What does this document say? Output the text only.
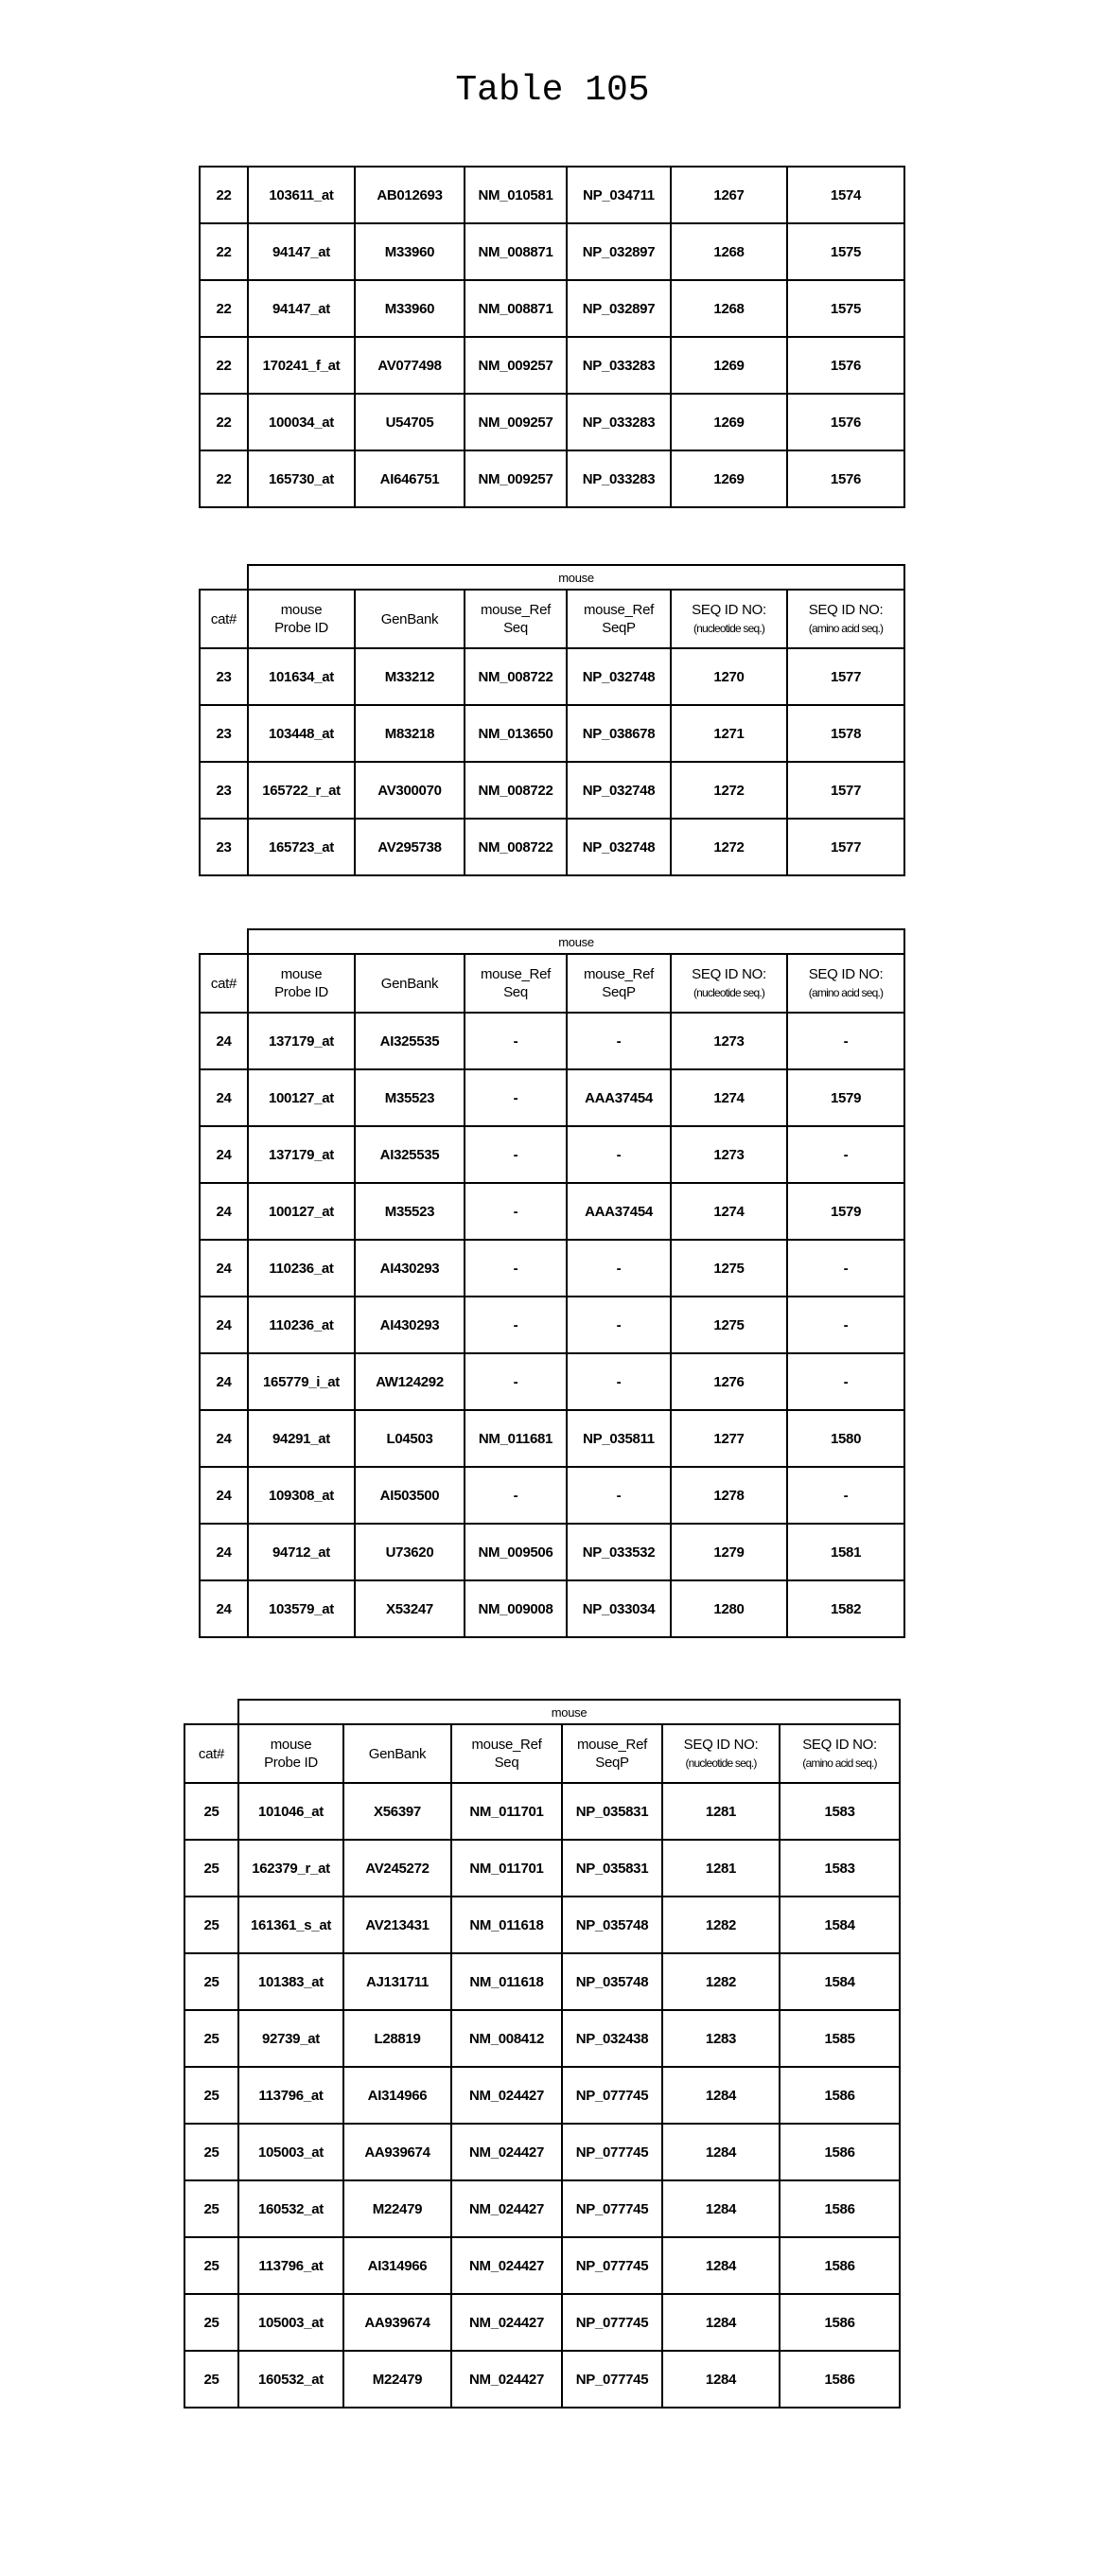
Table 105
22	103611_at	AB012693	NM_010581	NP_034711	1267	1574
22	94147_at	M33960	NM_008871	NP_032897	1268	1575
22	94147_at	M33960	NM_008871	NP_032897	1268	1575
22	170241_f_at	AV077498	NM_009257	NP_033283	1269	1576
22	100034_at	U54705	NM_009257	NP_033283	1269	1576
22	165730_at	AI646751	NM_009257	NP_033283	1269	1576
	mouse
cat#	mouse
Probe ID	GenBank	mouse_Ref
Seq	mouse_Ref
SeqP	SEQ ID NO:
(nucleotide seq.)	SEQ ID NO:
(amino acid seq.)
23	101634_at	M33212	NM_008722	NP_032748	1270	1577
23	103448_at	M83218	NM_013650	NP_038678	1271	1578
23	165722_r_at	AV300070	NM_008722	NP_032748	1272	1577
23	165723_at	AV295738	NM_008722	NP_032748	1272	1577
	mouse
cat#	mouse
Probe ID	GenBank	mouse_Ref
Seq	mouse_Ref
SeqP	SEQ ID NO:
(nucleotide seq.)	SEQ ID NO:
(amino acid seq.)
24	137179_at	AI325535	-	-	1273	-
24	100127_at	M35523	-	AAA37454	1274	1579
24	137179_at	AI325535	-	-	1273	-
24	100127_at	M35523	-	AAA37454	1274	1579
24	110236_at	AI430293	-	-	1275	-
24	110236_at	AI430293	-	-	1275	-
24	165779_i_at	AW124292	-	-	1276	-
24	94291_at	L04503	NM_011681	NP_035811	1277	1580
24	109308_at	AI503500	-	-	1278	-
24	94712_at	U73620	NM_009506	NP_033532	1279	1581
24	103579_at	X53247	NM_009008	NP_033034	1280	1582
	mouse
cat#	mouse
Probe ID	GenBank	mouse_Ref
Seq	mouse_Ref
SeqP	SEQ ID NO:
(nucleotide seq.)	SEQ ID NO:
(amino acid seq.)
25	101046_at	X56397	NM_011701	NP_035831	1281	1583
25	162379_r_at	AV245272	NM_011701	NP_035831	1281	1583
25	161361_s_at	AV213431	NM_011618	NP_035748	1282	1584
25	101383_at	AJ131711	NM_011618	NP_035748	1282	1584
25	92739_at	L28819	NM_008412	NP_032438	1283	1585
25	113796_at	AI314966	NM_024427	NP_077745	1284	1586
25	105003_at	AA939674	NM_024427	NP_077745	1284	1586
25	160532_at	M22479	NM_024427	NP_077745	1284	1586
25	113796_at	AI314966	NM_024427	NP_077745	1284	1586
25	105003_at	AA939674	NM_024427	NP_077745	1284	1586
25	160532_at	M22479	NM_024427	NP_077745	1284	1586
